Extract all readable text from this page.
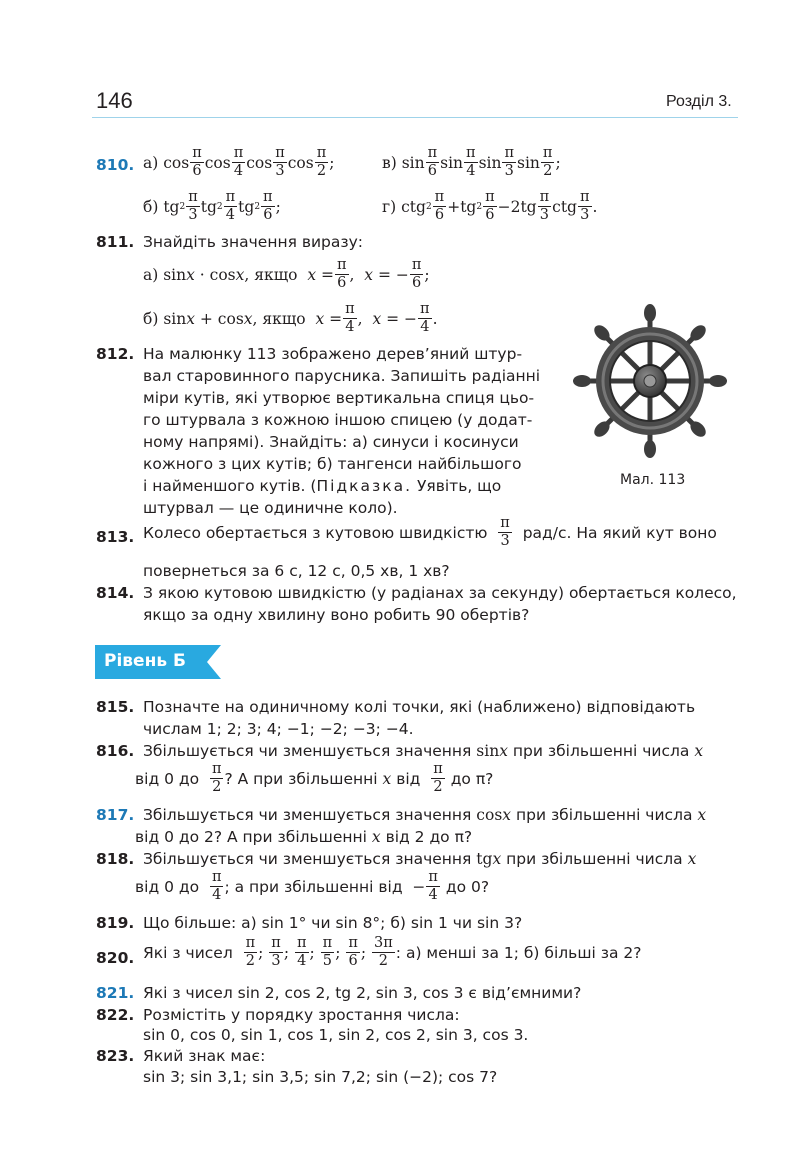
146	Розділ 3.
810. а) $\cos \frac{\pi}{6}$ $\cos \frac{\pi}{4}$ $\cos \frac{\pi}{3}$ $\cos \frac{\pi}{2}$ ;	в) $\sin \frac{\pi}{6}$ $\sin \frac{\pi}{4}$ $\sin \frac{\pi}{3}$ $\sin \frac{\pi}{2}$ ;
б) tg $2 \frac{\pi}{3}$ tg $2 \frac{\pi}{4}$ tg $2 \frac{\pi}{6}$ ;	г) ctg $2 \frac{\pi}{6} +tg$ $2 \frac{\pi}{6} -2tg \frac{\pi}{3}$ ctg $\frac{\pi}{3}$ .
811. Знайдіть значення виразу:
а) sin x · cos x , якщо
$x = \frac{\pi}{6}$ , x = − $\frac{\pi}{6}$ ;
б) sin x + cos x , якщо
$x = \frac{\pi}{4}$ , x = − $\frac{\pi}{4}$ .
812. На малюнку 113 зображено дерев’яний штур-
вал старовинного парусника. Запишіть радіанні
міри кутів, які утворює вертикальна спиця цьо-
го штурвала з кожною іншою спицею (у додат-
ному напрямі). Знайдіть: а) синуси і косинуси
кожного з цих кутів; б) тангенси найбільшого
і найменшого кутів. (Підказка. Уявіть, що
штурвал — це одиничне коло).
Мал. 113
813. Колесо обертається з кутовою швидкістю
$\frac{\pi}{3}$
рад/с. На який кут воно
повернеться за 6 с, 12 с, 0,5 хв, 1 хв?
814. З якою кутовою швидкістю (у радіанах за секунду) обертається колесо,
якщо за одну хвилину воно робить 90 обертів?
Рівень Б
815. Позначте на одиничному колі точки, які (наближено) відповідають
числам 1; 2; 3; 4; −1; −2; −3; −4.
816. Збільшується чи зменшується значення sin x
при збільшенні числа
x
від 0 до
$\frac{\pi}{2}$ ? А при збільшенні
x
від
$\frac{\pi}{2}$
до π?
817. Збільшується чи зменшується значення cos x
при збільшенні числа
x
від 0 до 2? А при збільшенні
x
від 2 до π?
818. Збільшується чи зменшується значення tg x
при збільшенні числа
x
від 0 до
$\frac{\pi}{4}$ ; а при збільшенні від − $\frac{\pi}{4}$
до 0?
819. Що більше: а) sin 1° чи sin 8°; б) sin 1 чи sin 3?
820. Які з чисел
$\frac{\pi}{2}$ ; $\frac{\pi}{3}$ ; $\frac{\pi}{4}$ ; $\frac{\pi}{5}$ ; $\frac{\pi}{6}$ ; $\frac{3\pi}{2}$ : а) менші за 1; б) більші за 2?
821. Які з чисел sin 2, cos 2, tg 2, sin 3, cos 3 є від’ємними?
822. Розмістіть у порядку зростання числа:
sin 0, cos 0, sin 1, cos 1, sin 2, cos 2, sin 3, cos 3.
823. Який знак має:
sin 3; sin 3,1; sin 3,5; sin 7,2; sin (−2); cos 7?
